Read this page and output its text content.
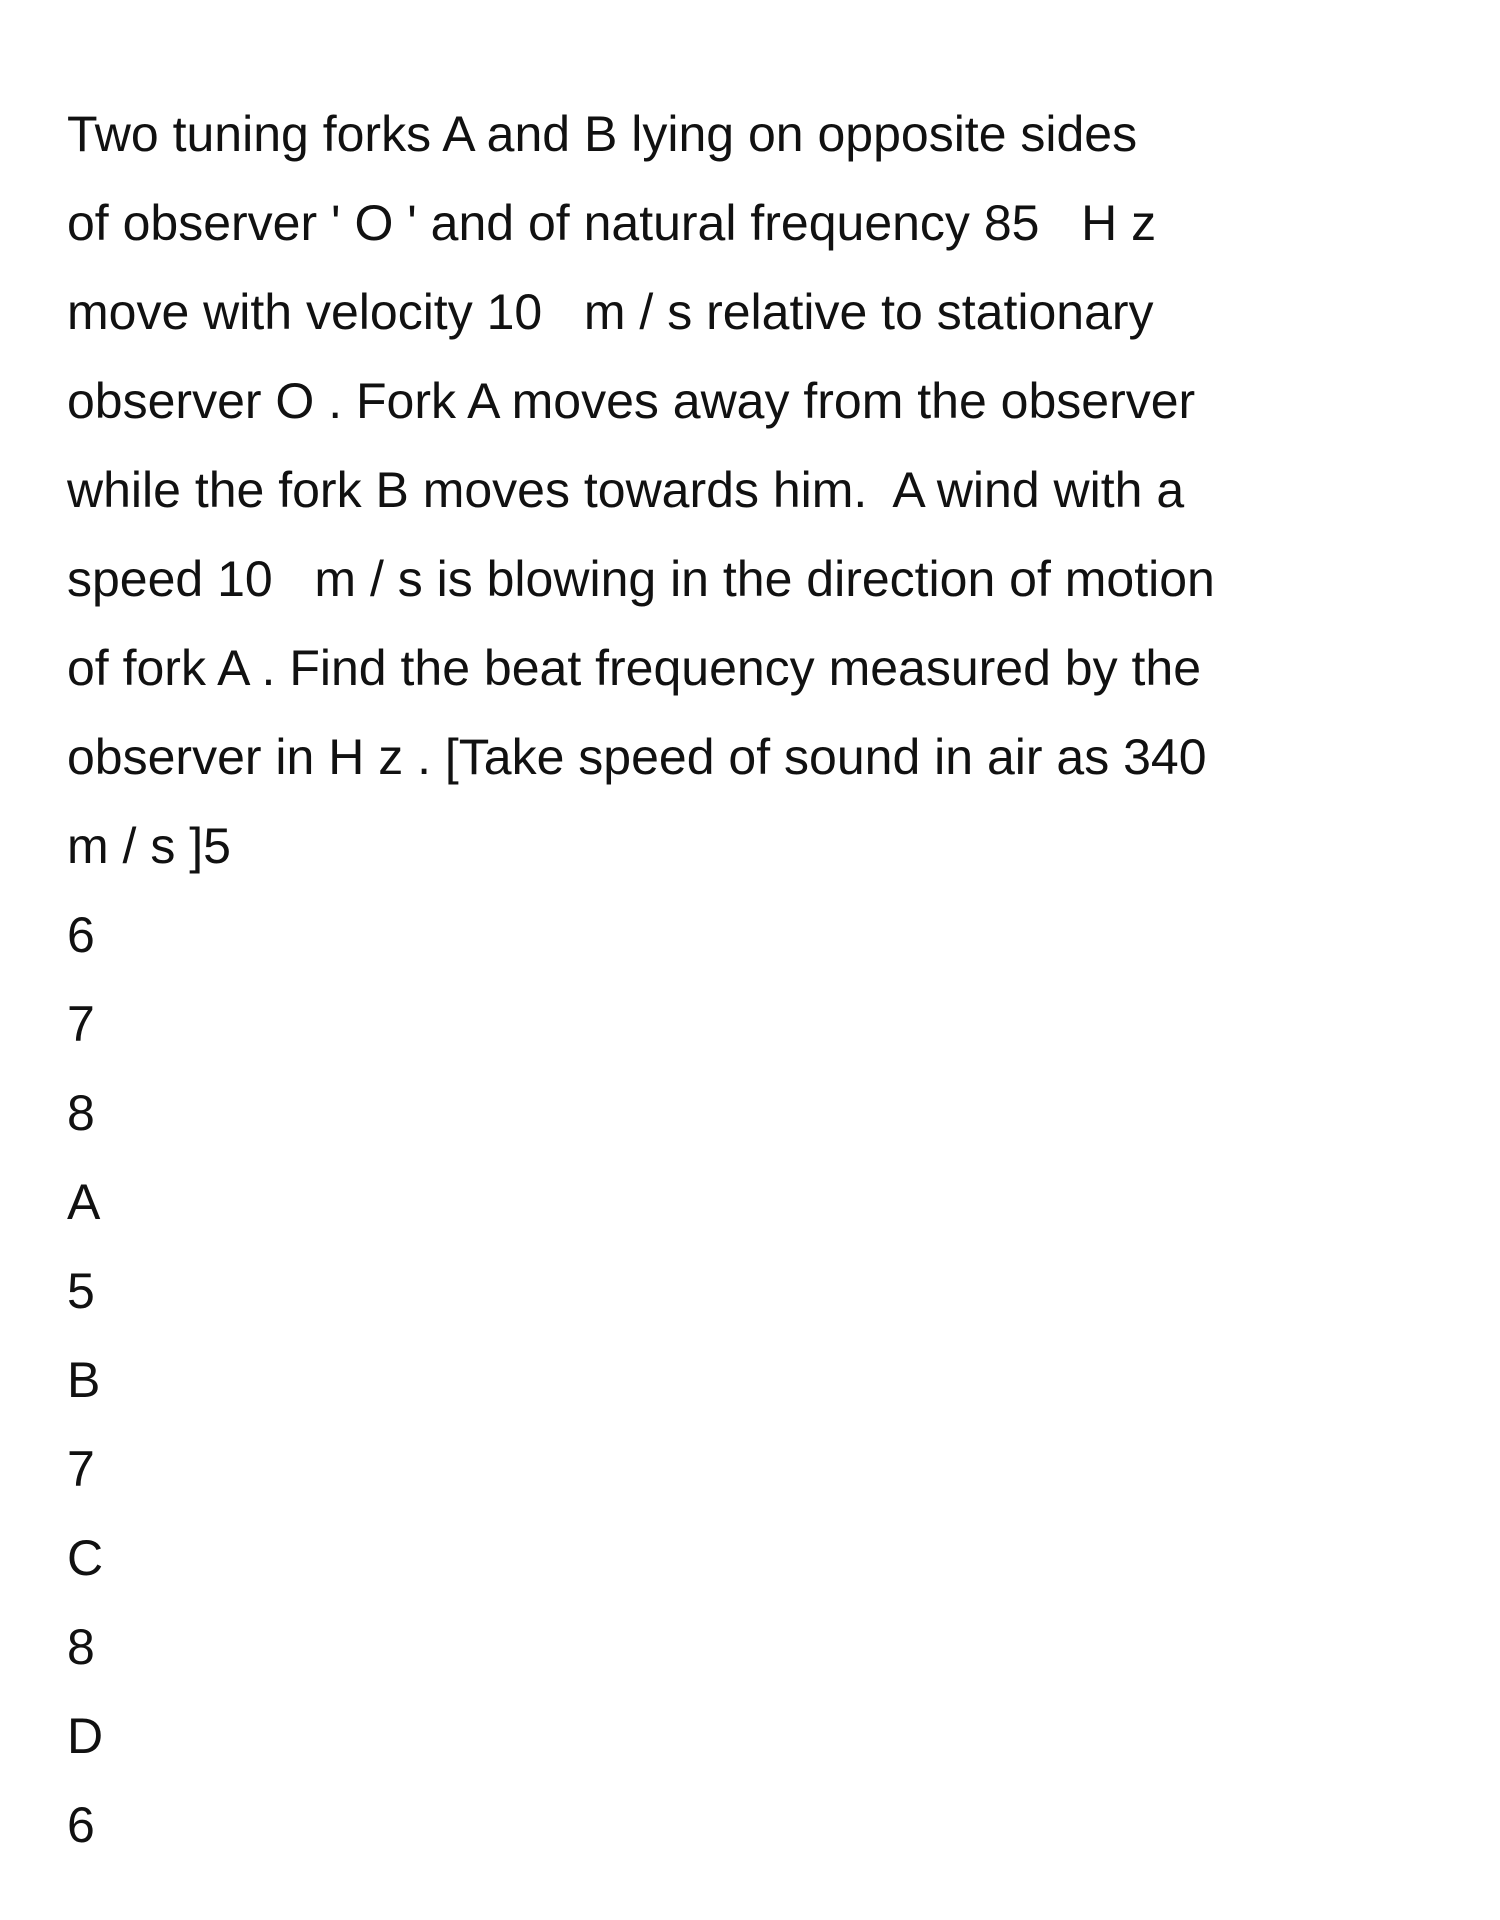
Two tuning forks A and B lying on opposite sides
of observer ʹ O ʹ and of natural frequency 85   H z
move with velocity 10   m / s relative to stationary
observer O . Fork A moves away from the observer
while the fork B moves towards him.  A wind with a
speed 10   m / s is blowing in the direction of motion
of fork A . Find the beat frequency measured by the
observer in H z . [Take speed of sound in air as 340
m / s ]5
6
7
8
A
5
B
7
C
8
D
6
